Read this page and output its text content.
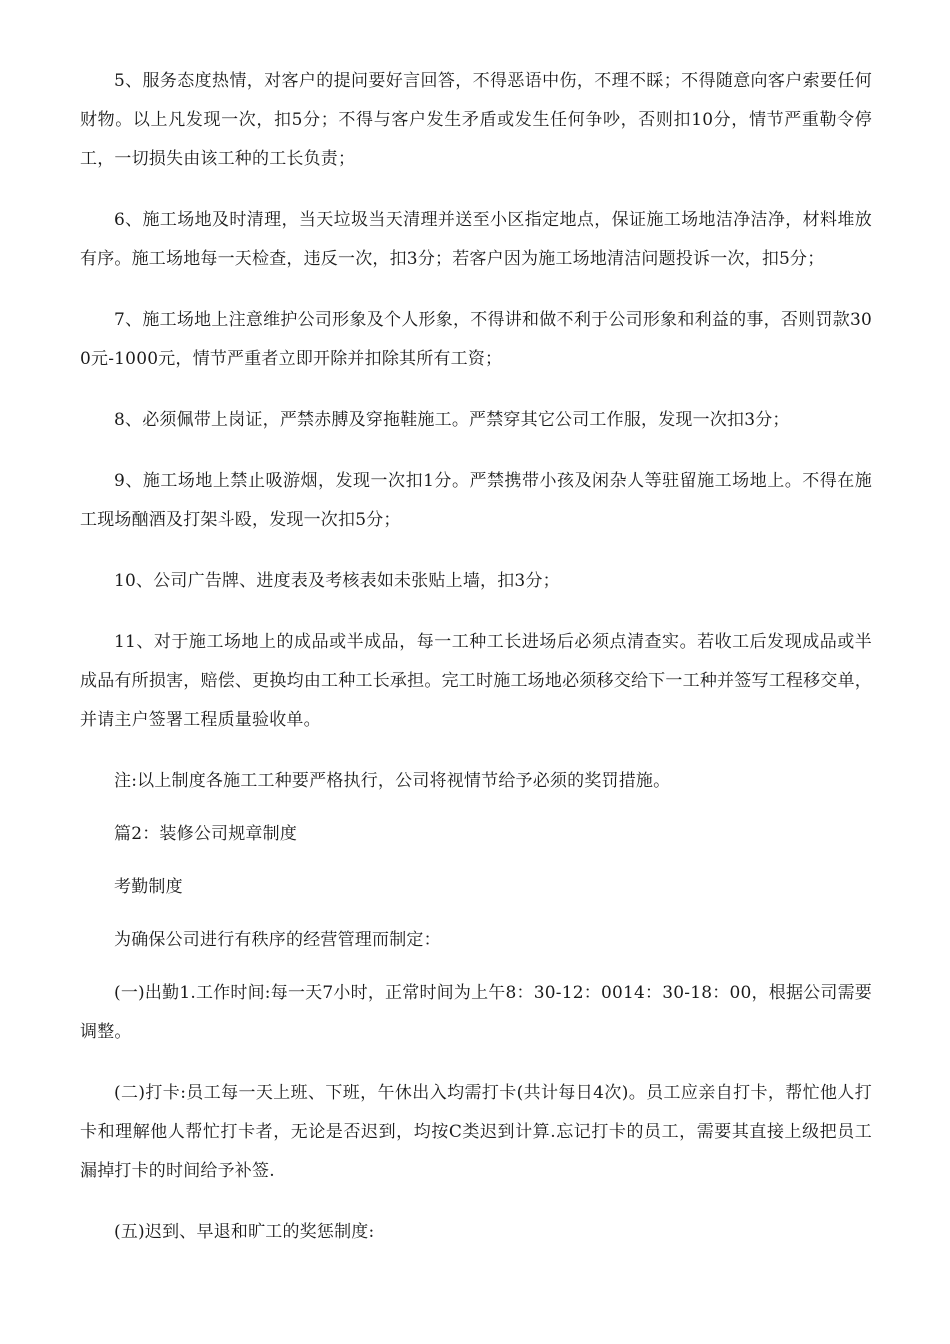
5、服务态度热情，对客户的提问要好言回答，不得恶语中伤，不理不睬；不得随意向客户索要任何财物。以上凡发现一次，扣5分；不得与客户发生矛盾或发生任何争吵，否则扣10分，情节严重勒令停工，一切损失由该工种的工长负责；

6、施工场地及时清理，当天垃圾当天清理并送至小区指定地点，保证施工场地洁净洁净，材料堆放有序。施工场地每一天检查，违反一次，扣3分；若客户因为施工场地清洁问题投诉一次，扣5分；

7、施工场地上注意维护公司形象及个人形象，不得讲和做不利于公司形象和利益的事，否则罚款300元-1000元，情节严重者立即开除并扣除其所有工资；

8、必须佩带上岗证，严禁赤膊及穿拖鞋施工。严禁穿其它公司工作服，发现一次扣3分；

9、施工场地上禁止吸游烟，发现一次扣1分。严禁携带小孩及闲杂人等驻留施工场地上。不得在施工现场酗酒及打架斗殴，发现一次扣5分；

10、公司广告牌、进度表及考核表如未张贴上墙，扣3分；

11、对于施工场地上的成品或半成品，每一工种工长进场后必须点清查实。若收工后发现成品或半成品有所损害，赔偿、更换均由工种工长承担。完工时施工场地必须移交给下一工种并签写工程移交单，并请主户签署工程质量验收单。

注:以上制度各施工工种要严格执行，公司将视情节给予必须的奖罚措施。

篇2：装修公司规章制度

考勤制度

为确保公司进行有秩序的经营管理而制定：

(一)出勤1.工作时间:每一天7小时，正常时间为上午8：30-12：0014：30-18：00，根据公司需要调整。

(二)打卡:员工每一天上班、下班，午休出入均需打卡(共计每日4次)。员工应亲自打卡，帮忙他人打卡和理解他人帮忙打卡者，无论是否迟到，均按C类迟到计算.忘记打卡的员工，需要其直接上级把员工漏掉打卡的时间给予补签.

(五)迟到、早退和旷工的奖惩制度:
